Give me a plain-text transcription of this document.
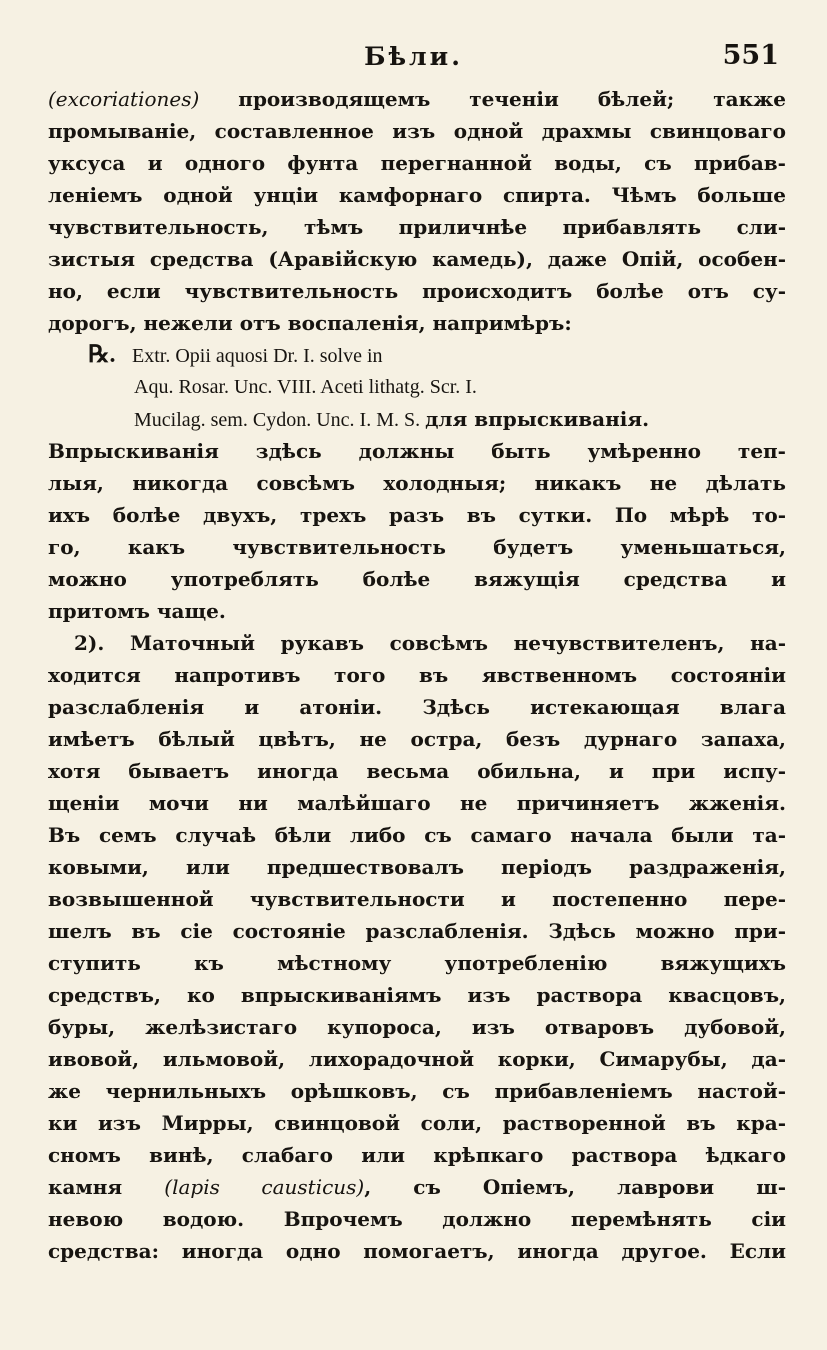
Бѣли.	551
(excoriationes) производящемъ теченіи бѣлей; также
промываніе, составленное изъ одной драхмы свинцоваго
уксуса и одного фунта перегнанной воды, съ прибав-
леніемъ одной унціи камфорнаго спирта. Чѣмъ больше
чувствительность, тѣмъ приличнѣе прибавлять сли-
зистыя средства (Аравійскую камедь), даже Опій, особен-
но, если чувствительность происходитъ болѣе отъ су-
дорогъ, нежели отъ воспаленія, напримѣръ:
℞. Extr. Opii aquosi Dr. I. solve in
Aqu. Rosar. Unc. VIII. Aceti lithatg. Scr. I.
Mucilag. sem. Cydon. Unc. I. M. S. для впрыскиванія.
Впрыскиванія здѣсь должны быть умѣренно теп-
лыя, никогда совсѣмъ холодныя; никакъ не дѣлать
ихъ болѣе двухъ, трехъ разъ въ сутки. По мѣрѣ то-
го, какъ чувствительность будетъ уменьшаться,
можно употреблять болѣе вяжущія средства и
притомъ чаще.
2). Маточный рукавъ совсѣмъ нечувствителенъ, на-
ходится напротивъ того въ явственномъ состояніи
разслабленія и атоніи. Здѣсь истекающая влага
имѣетъ бѣлый цвѣтъ, не остра, безъ дурнаго запаха,
хотя бываетъ иногда весьма обильна, и при испу-
щеніи мочи ни малѣйшаго не причиняетъ жженія.
Въ семъ случаѣ бѣли либо съ самаго начала были та-
ковыми, или предшествовалъ періодъ раздраженія,
возвышенной чувствительности и постепенно пере-
шелъ въ сіе состояніе разслабленія. Здѣсь можно при-
ступить къ мѣстному употребленію вяжущихъ
средствъ, ко впрыскиваніямъ изъ раствора квасцовъ,
буры, желѣзистаго купороса, изъ отваровъ дубовой,
ивовой, ильмовой, лихорадочной корки, Симарубы, да-
же чернильныхъ орѣшковъ, съ прибавленіемъ настой-
ки изъ Мирры, свинцовой соли, растворенной въ кра-
сномъ винѣ, слабаго или крѣпкаго раствора ѣдкаго
камня (lapis causticus), съ Опіемъ, лаврови ш-
невою водою. Впрочемъ должно перемѣнять сіи
средства: иногда одно помогаетъ, иногда другое. Если
